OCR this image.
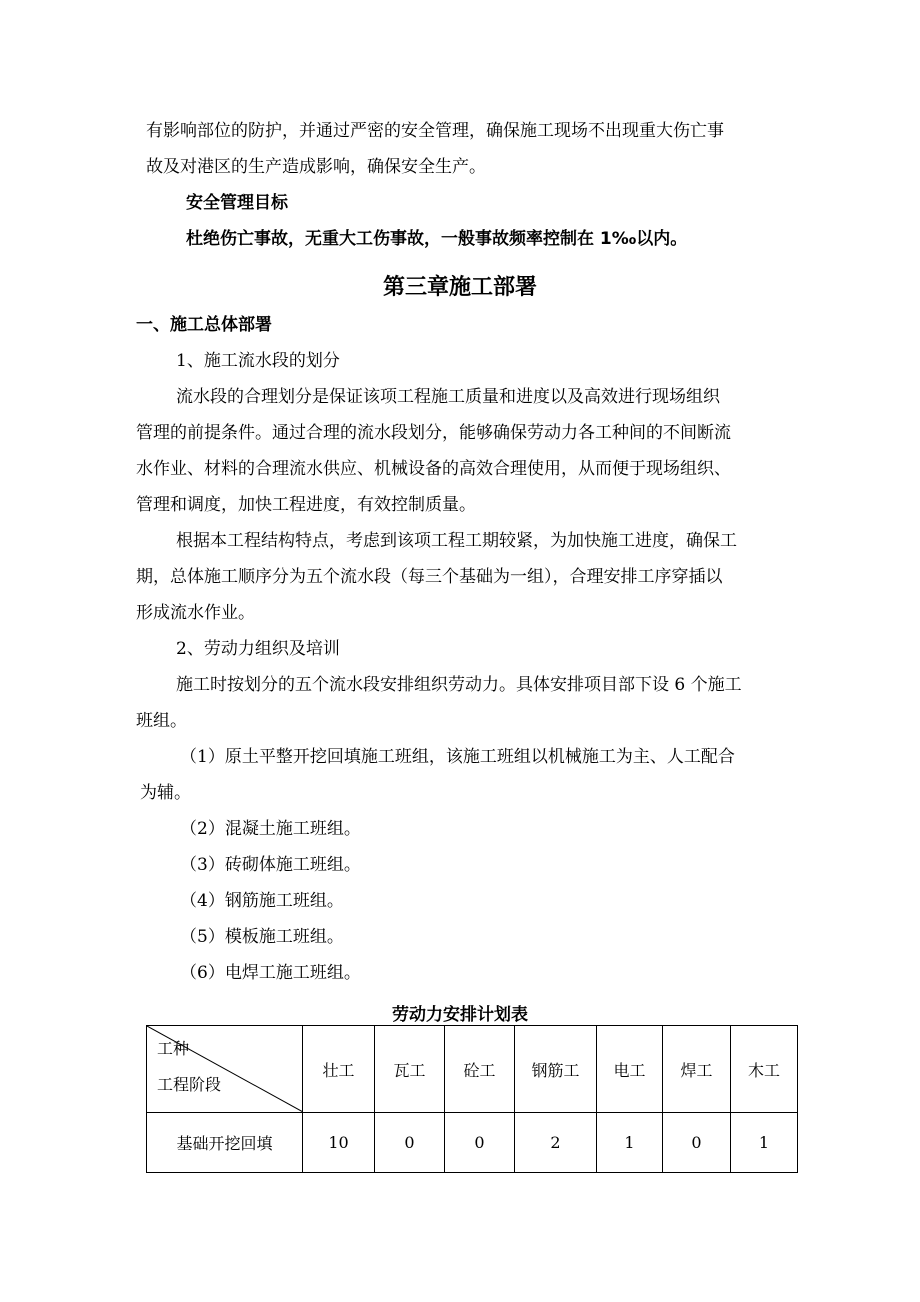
有影响部位的防护，并通过严密的安全管理，确保施工现场不出现重大伤亡事
故及对港区的生产造成影响，确保安全生产。
安全管理目标
杜绝伤亡事故，无重大工伤事故，一般事故频率控制在 1‰以内。
第三章施工部署
一、施工总体部署
1、施工流水段的划分
流水段的合理划分是保证该项工程施工质量和进度以及高效进行现场组织
管理的前提条件。通过合理的流水段划分，能够确保劳动力各工种间的不间断流
水作业、材料的合理流水供应、机械设备的高效合理使用，从而便于现场组织、
管理和调度，加快工程进度，有效控制质量。
根据本工程结构特点，考虑到该项工程工期较紧，为加快施工进度，确保工
期，总体施工顺序分为五个流水段（每三个基础为一组），合理安排工序穿插以
形成流水作业。
2、劳动力组织及培训
施工时按划分的五个流水段安排组织劳动力。具体安排项目部下设 6 个施工
班组。
（1）原土平整开挖回填施工班组，该施工班组以机械施工为主、人工配合
为辅。
（2）混凝土施工班组。
（3）砖砌体施工班组。
（4）钢筋施工班组。
（5）模板施工班组。
（6）电焊工施工班组。
劳动力安排计划表
工种
工程阶段	壮工	瓦工	砼工	钢筋工	电工	焊工	木工
基础开挖回填	10	0	0	2	1	0	1
